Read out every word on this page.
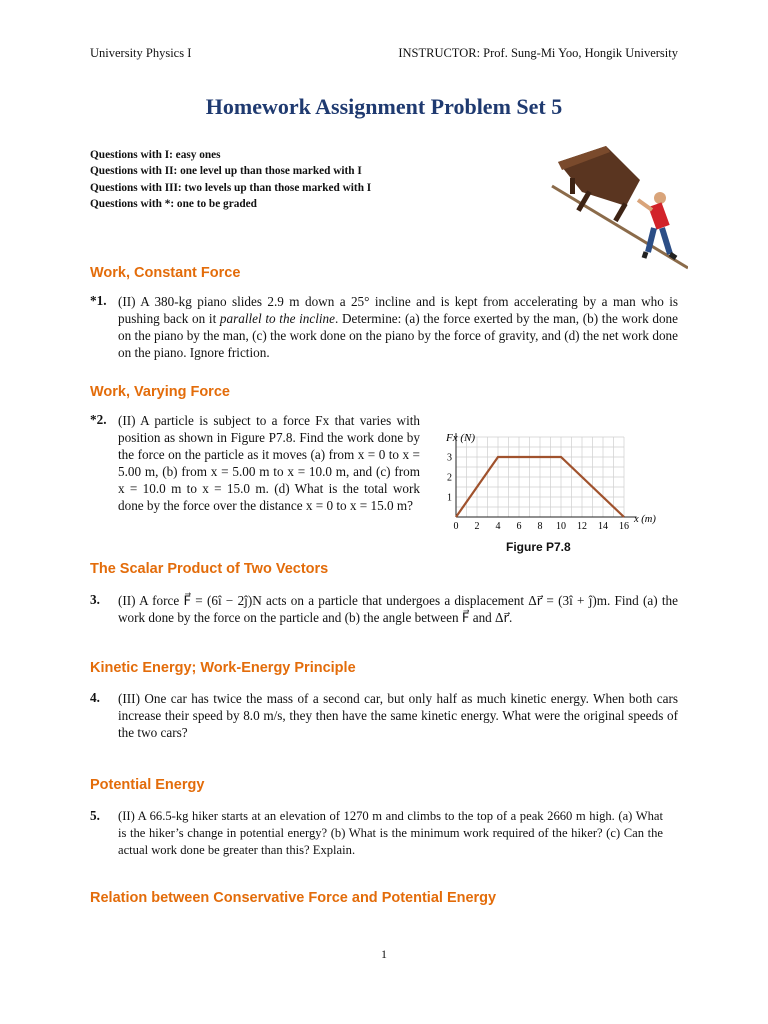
University Physics I	INSTRUCTOR: Prof. Sung-Mi Yoo, Hongik University
Homework Assignment Problem Set 5
Questions with I: easy ones
Questions with II: one level up than those marked with I
Questions with III: two levels up than those marked with I
Questions with *: one to be graded
Work, Constant Force
*1. (II) A 380-kg piano slides 2.9 m down a 25° incline and is kept from accelerating by a man who is pushing back on it parallel to the incline. Determine: (a) the force exerted by the man, (b) the work done on the piano by the man, (c) the work done on the piano by the force of gravity, and (d) the net work done on the piano. Ignore friction.
Work, Varying Force
*2. (II) A particle is subject to a force Fx that varies with position as shown in Figure P7.8. Find the work done by the force on the particle as it moves (a) from x = 0 to x = 5.00 m, (b) from x = 5.00 m to x = 10.0 m, and (c) from x = 10.0 m to x = 15.0 m. (d) What is the total work done by the force over the distance x = 0 to x = 15.0 m?
0 2 4 6 8 10 12 14 16
1
2
3
Fx (N)
x (m)
Figure P7.8
The Scalar Product of Two Vectors
3. (II) A force F⃗ = (6î − 2ĵ)N acts on a particle that undergoes a displacement Δr⃗ = (3î + ĵ)m. Find (a) the work done by the force on the particle and (b) the angle between F⃗ and Δr⃗.
Kinetic Energy; Work-Energy Principle
4. (III) One car has twice the mass of a second car, but only half as much kinetic energy. When both cars increase their speed by 8.0 m/s, they then have the same kinetic energy. What were the original speeds of the two cars?
Potential Energy
5. (II) A 66.5-kg hiker starts at an elevation of 1270 m and climbs to the top of a peak 2660 m high. (a) What is the hiker’s change in potential energy? (b) What is the minimum work required of the hiker? (c) Can the actual work done be greater than this? Explain.
Relation between Conservative Force and Potential Energy
1
